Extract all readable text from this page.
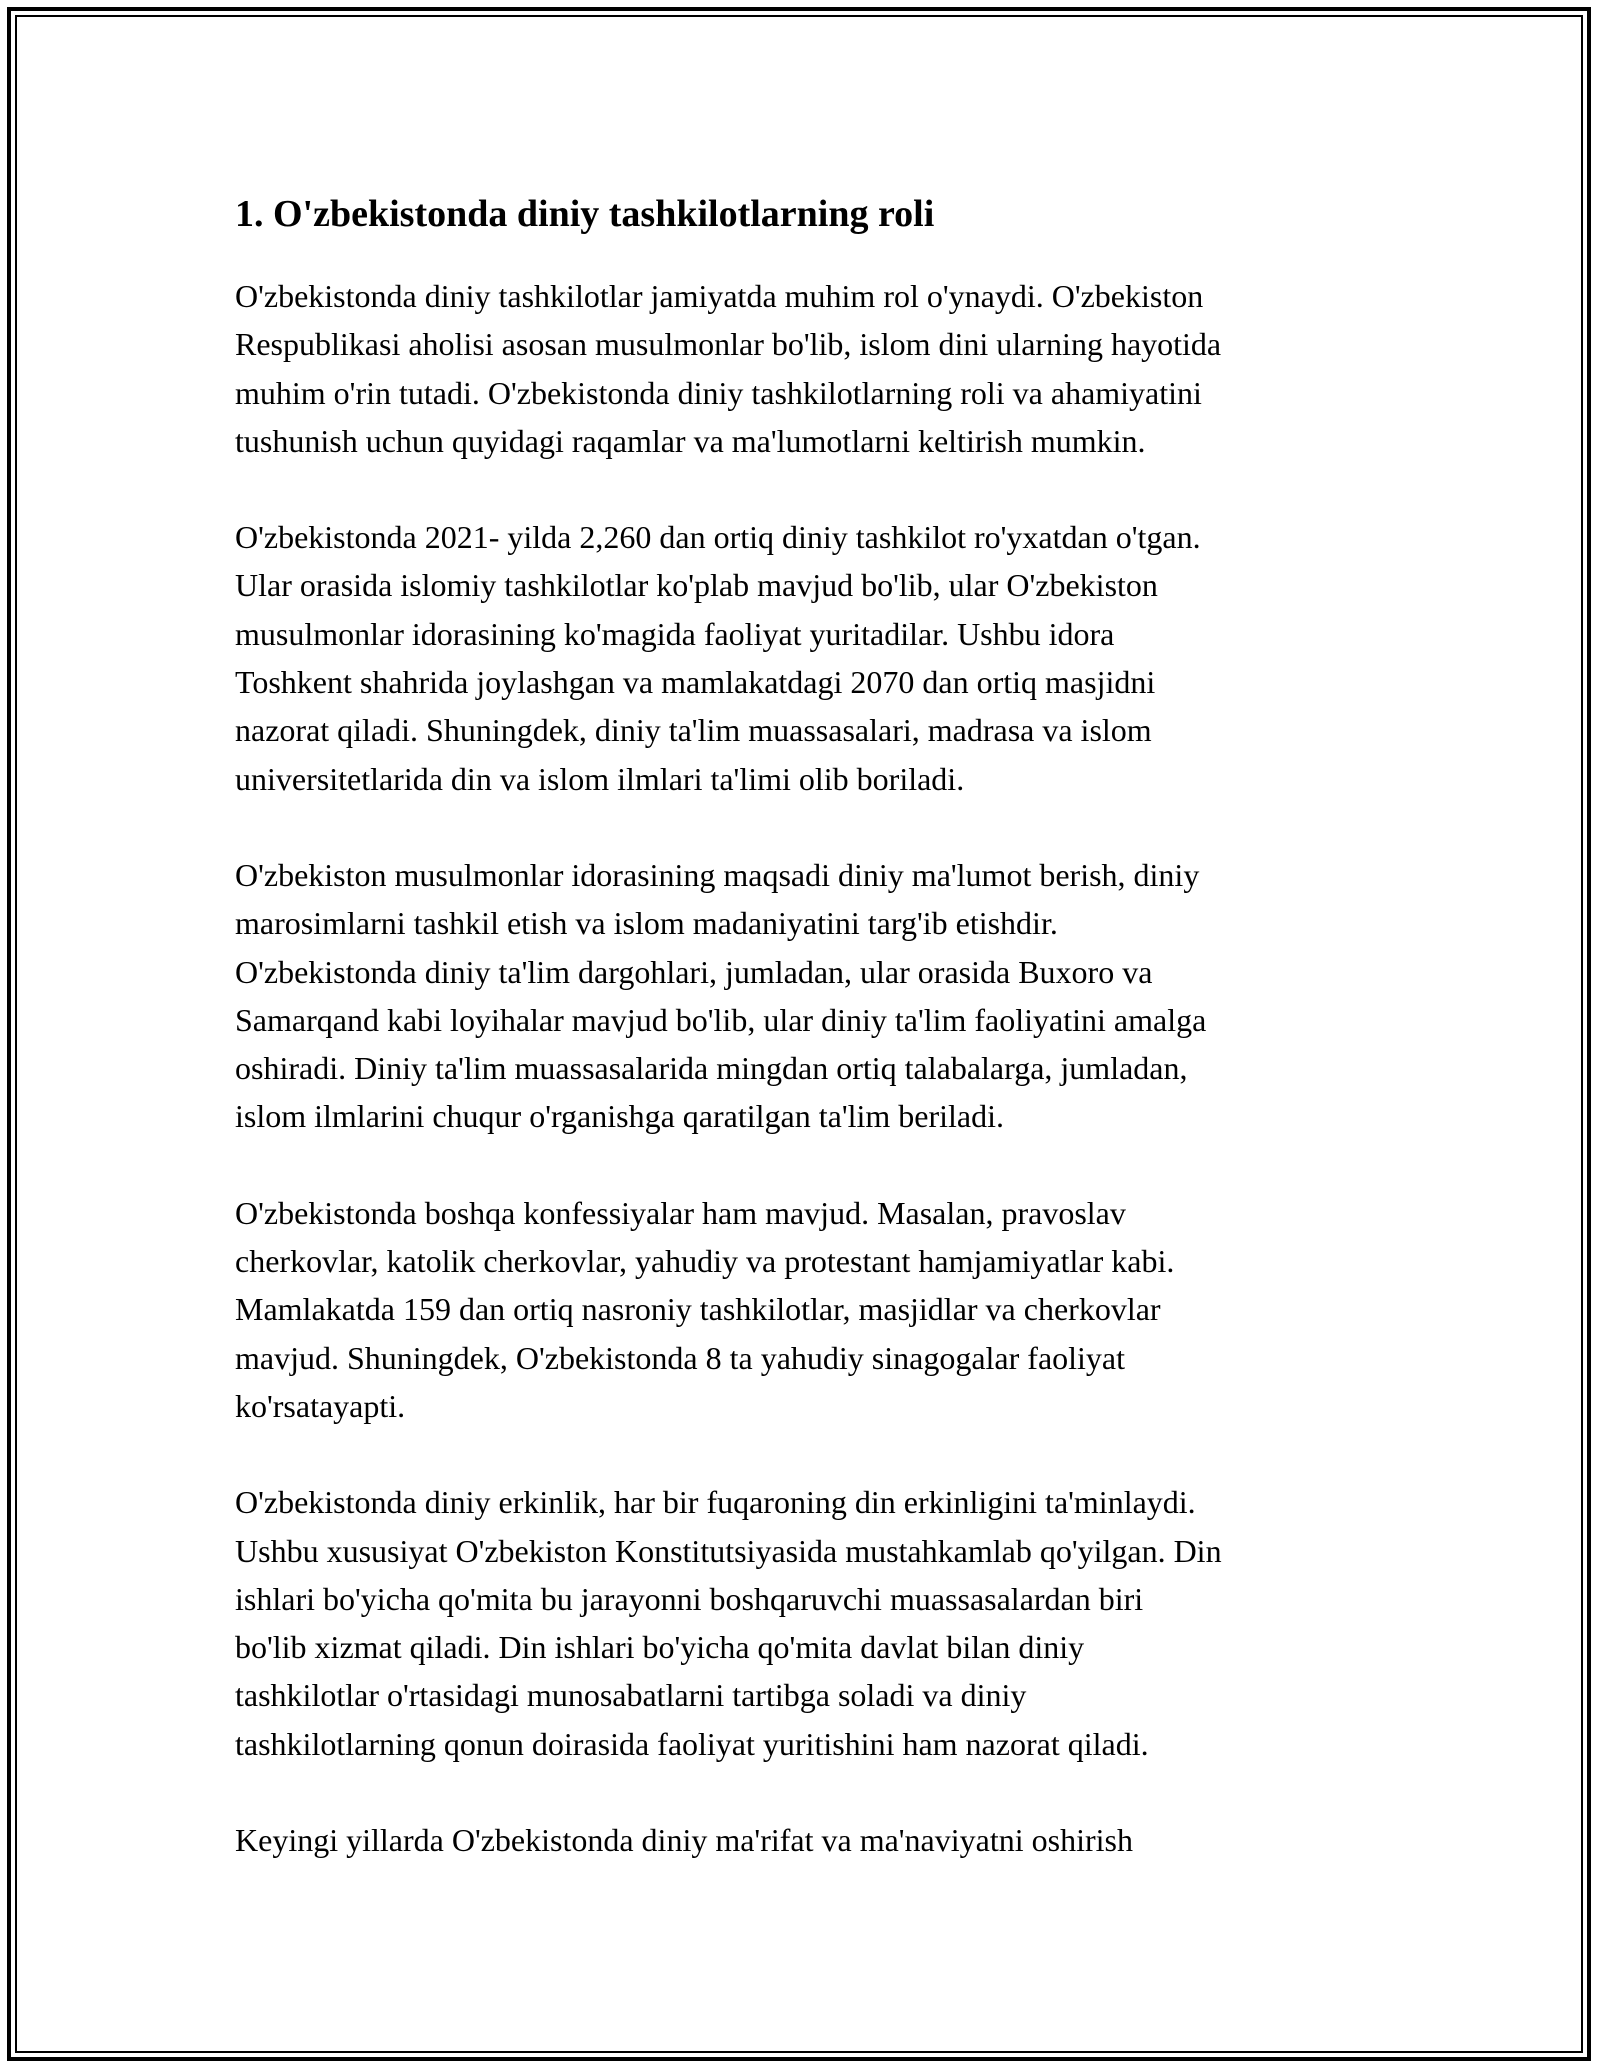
1. O'zbekistonda diniy tashkilotlarning roli

O'zbekistonda diniy tashkilotlar jamiyatda muhim rol o'ynaydi. O'zbekiston
Respublikasi aholisi asosan musulmonlar bo'lib, islom dini ularning hayotida
muhim o'rin tutadi. O'zbekistonda diniy tashkilotlarning roli va ahamiyatini
tushunish uchun quyidagi raqamlar va ma'lumotlarni keltirish mumkin.

O'zbekistonda 2021- yilda 2,260 dan ortiq diniy tashkilot ro'yxatdan o'tgan.
Ular orasida islomiy tashkilotlar ko'plab mavjud bo'lib, ular O'zbekiston
musulmonlar idorasining ko'magida faoliyat yuritadilar. Ushbu idora
Toshkent shahrida joylashgan va mamlakatdagi 2070 dan ortiq masjidni
nazorat qiladi. Shuningdek, diniy ta'lim muassasalari, madrasa va islom
universitetlarida din va islom ilmlari ta'limi olib boriladi.

O'zbekiston musulmonlar idorasining maqsadi diniy ma'lumot berish, diniy
marosimlarni tashkil etish va islom madaniyatini targ'ib etishdir.
O'zbekistonda diniy ta'lim dargohlari, jumladan, ular orasida Buxoro va
Samarqand kabi loyihalar mavjud bo'lib, ular diniy ta'lim faoliyatini amalga
oshiradi. Diniy ta'lim muassasalarida mingdan ortiq talabalarga, jumladan,
islom ilmlarini chuqur o'rganishga qaratilgan ta'lim beriladi.

O'zbekistonda boshqa konfessiyalar ham mavjud. Masalan, pravoslav
cherkovlar, katolik cherkovlar, yahudiy va protestant hamjamiyatlar kabi.
Mamlakatda 159 dan ortiq nasroniy tashkilotlar, masjidlar va cherkovlar
mavjud. Shuningdek, O'zbekistonda 8 ta yahudiy sinagogalar faoliyat
ko'rsatayapti.

O'zbekistonda diniy erkinlik, har bir fuqaroning din erkinligini ta'minlaydi.
Ushbu xususiyat O'zbekiston Konstitutsiyasida mustahkamlab qo'yilgan. Din
ishlari bo'yicha qo'mita bu jarayonni boshqaruvchi muassasalardan biri
bo'lib xizmat qiladi. Din ishlari bo'yicha qo'mita davlat bilan diniy
tashkilotlar o'rtasidagi munosabatlarni tartibga soladi va diniy
tashkilotlarning qonun doirasida faoliyat yuritishini ham nazorat qiladi.

Keyingi yillarda O'zbekistonda diniy ma'rifat va ma'naviyatni oshirish
